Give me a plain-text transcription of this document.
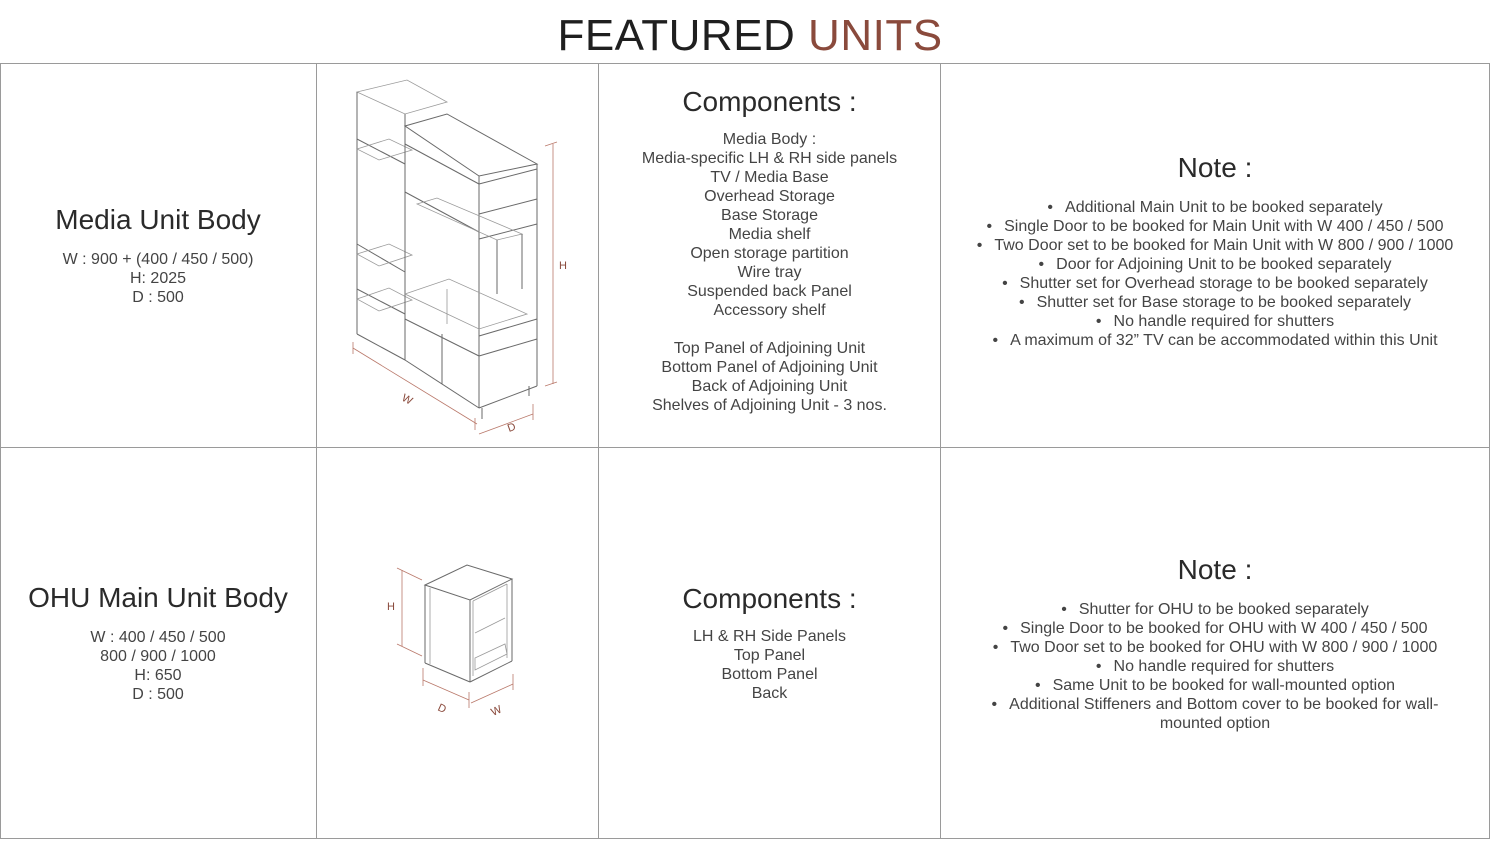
FEATURED UNITS
Media Unit Body
W : 900 + (400 / 450 / 500)
H: 2025
D : 500
H
W
D
Components :
Media Body :
Media-specific LH & RH side panels
TV / Media Base
Overhead Storage
Base Storage
Media shelf
Open storage partition
Wire tray
Suspended back Panel
Accessory shelf
Top Panel of Adjoining Unit
Bottom Panel of Adjoining Unit
Back of Adjoining Unit
Shelves of Adjoining Unit - 3 nos.
Note :
• Additional Main Unit to be booked separately
• Single Door to be booked for Main Unit with W 400 / 450 / 500
• Two Door set to be booked for Main Unit with W 800 / 900 / 1000
• Door for Adjoining Unit to be booked separately
• Shutter set for Overhead storage to be booked separately
• Shutter set for Base storage to be booked separately
• No handle required for shutters
• A maximum of 32” TV can be accommodated within this Unit
OHU Main Unit Body
W : 400 / 450 / 500
800 / 900 / 1000
H: 650
D : 500
H
D	W
Components :
LH & RH Side Panels
Top Panel
Bottom Panel
Back
Note :
• Shutter for OHU to be booked separately
• Single Door to be booked for OHU with W 400 / 450 / 500
• Two Door set to be booked for OHU with W 800 / 900 / 1000
• No handle required for shutters
• Same Unit to be booked for wall-mounted option
• Additional Stiffeners and Bottom cover to be booked for wall-mounted option
